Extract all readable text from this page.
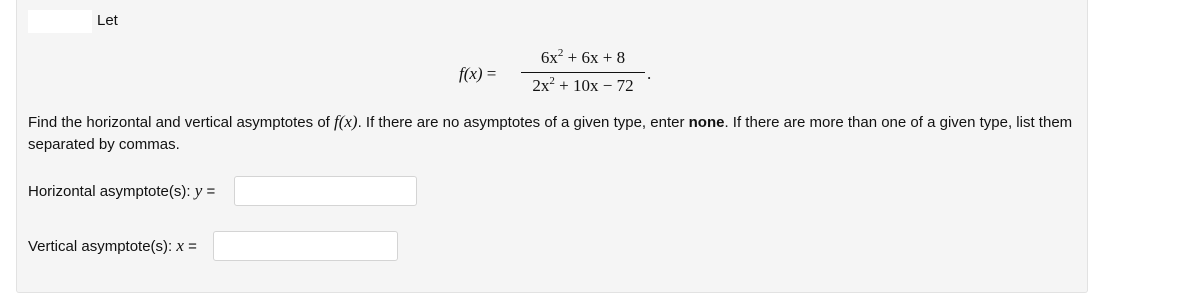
Let
f(x) =
$6x^2 + 6x + 8$
$2x^2 + 10x - 72$
.
Find the horizontal and vertical asymptotes of f(x). If there are no asymptotes of a given type, enter none. If there are more than one of a given type, list them separated by commas.
Horizontal asymptote(s): y =
Vertical asymptote(s): x =
